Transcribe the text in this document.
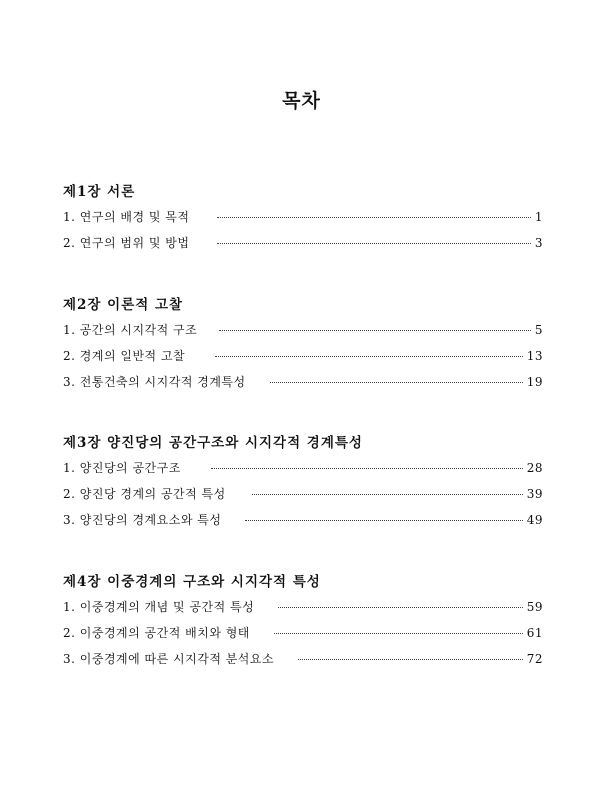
목차
제1장 서론
1. 연구의 배경 및 목적	1
2. 연구의 범위 및 방법	3
제2장 이론적 고찰
1. 공간의 시지각적 구조	5
2. 경계의 일반적 고찰	13
3. 전통건축의 시지각적 경계특성	19
제3장 양진당의 공간구조와 시지각적 경계특성
1. 양진당의 공간구조	28
2. 양진당 경계의 공간적 특성	39
3. 양진당의 경계요소와 특성	49
제4장 이중경계의 구조와 시지각적 특성
1. 이중경계의 개념 및 공간적 특성	59
2. 이중경계의 공간적 배치와 형태	61
3. 이중경계에 따른 시지각적 분석요소	72
